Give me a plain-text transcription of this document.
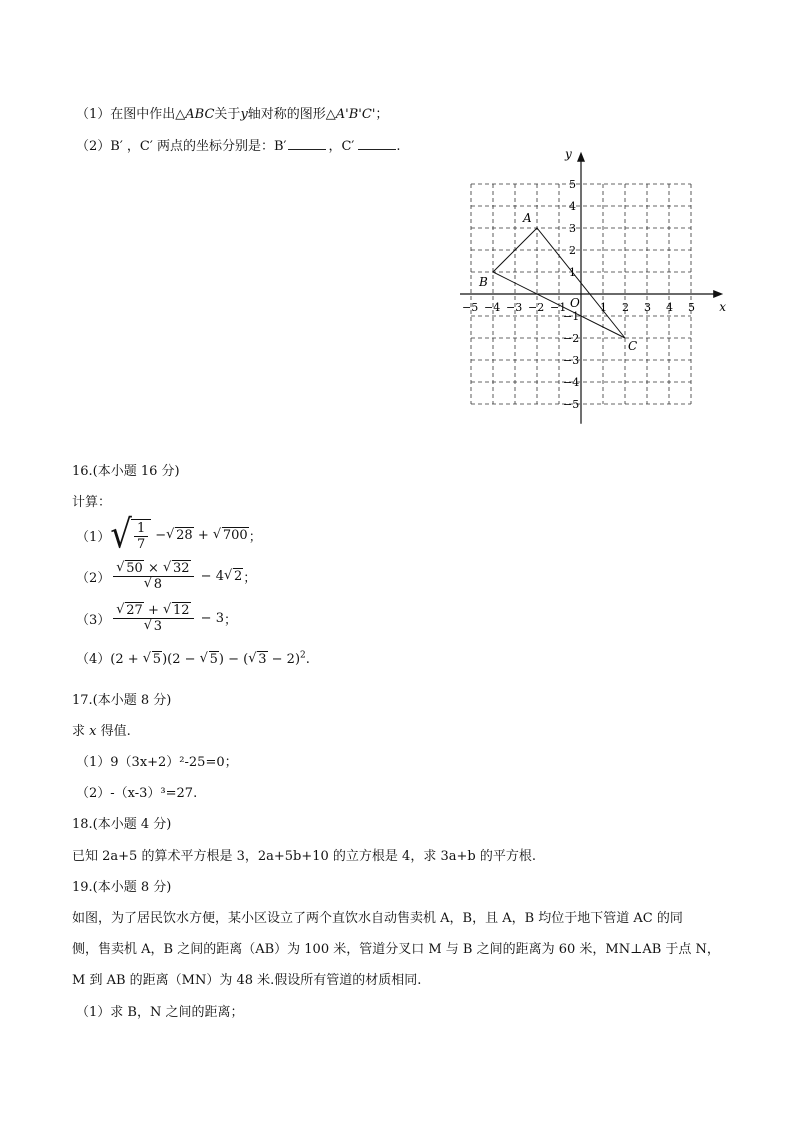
（1）在图中作出△ABC关于y轴对称的图形△A'B'C'；
（2）B′ ，C′ 两点的坐标分别是：B′	，C′	.
x
y
O
−5 −4 −3 −2 −1	1 2 3 4 5
5
4
3
2
1
−1
−2
−3
−4
−5
A
B
C
16.(本小题 16 分)
计算：
（1） √ $\frac{1}{7}$ − √ 28 + √ 700 ；
（2） √ 50 × √ 32
√ 8 − 4 √ 2 ；
（3） √ 27 + √ 12
√ 3 − 3 ；
（4）(2 + √ 5)(2 − √ 5) − ( √ 3 − 2)$^2$.
17.(本小题 8 分)
求 x 得值.
（1）9（3x+2）²-25=0；
（2）-（x-3）³=27.
18.(本小题 4 分)
已知 2a+5 的算术平方根是 3，2a+5b+10 的立方根是 4，求 3a+b 的平方根.
19.(本小题 8 分)
如图，为了居民饮水方便，某小区设立了两个直饮水自动售卖机 A，B，且 A，B 均位于地下管道 AC 的同
侧，售卖机 A，B 之间的距离（AB）为 100 米，管道分叉口 M 与 B 之间的距离为 60 米，MN⊥AB 于点 N，
M 到 AB 的距离（MN）为 48 米.假设所有管道的材质相同.
（1）求 B，N 之间的距离；
